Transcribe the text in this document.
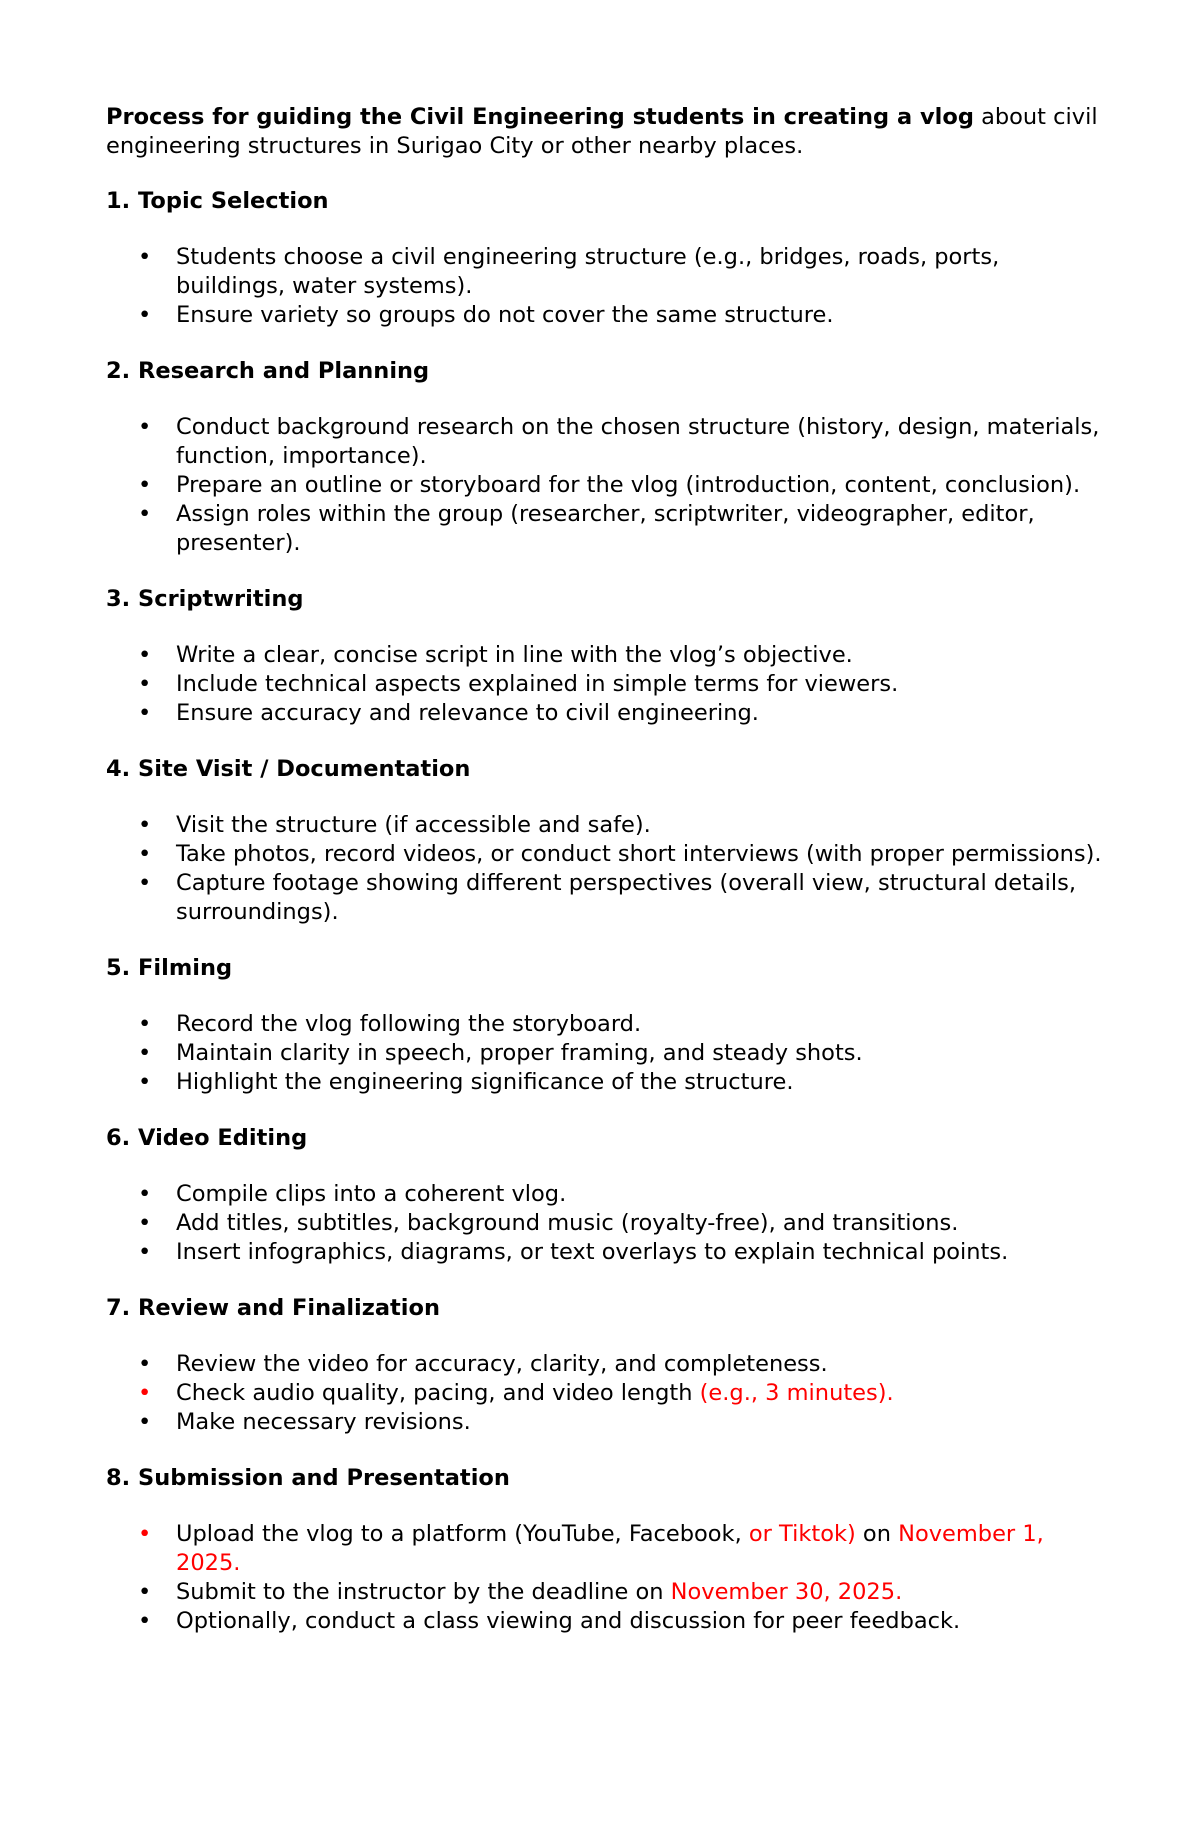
Process for guiding the Civil Engineering students in creating a vlog about civil engineering structures in Surigao City or other nearby places.

1. Topic Selection

• Students choose a civil engineering structure (e.g., bridges, roads, ports, buildings, water systems).
• Ensure variety so groups do not cover the same structure.

2. Research and Planning

• Conduct background research on the chosen structure (history, design, materials, function, importance).
• Prepare an outline or storyboard for the vlog (introduction, content, conclusion).
• Assign roles within the group (researcher, scriptwriter, videographer, editor, presenter).

3. Scriptwriting

• Write a clear, concise script in line with the vlog’s objective.
• Include technical aspects explained in simple terms for viewers.
• Ensure accuracy and relevance to civil engineering.

4. Site Visit / Documentation

• Visit the structure (if accessible and safe).
• Take photos, record videos, or conduct short interviews (with proper permissions).
• Capture footage showing different perspectives (overall view, structural details, surroundings).

5. Filming

• Record the vlog following the storyboard.
• Maintain clarity in speech, proper framing, and steady shots.
• Highlight the engineering significance of the structure.

6. Video Editing

• Compile clips into a coherent vlog.
• Add titles, subtitles, background music (royalty-free), and transitions.
• Insert infographics, diagrams, or text overlays to explain technical points.

7. Review and Finalization

• Review the video for accuracy, clarity, and completeness.
• Check audio quality, pacing, and video length (e.g., 3 minutes).
• Make necessary revisions.

8. Submission and Presentation

• Upload the vlog to a platform (YouTube, Facebook, or Tiktok) on November 1, 2025.
• Submit to the instructor by the deadline on November 30, 2025.
• Optionally, conduct a class viewing and discussion for peer feedback.
